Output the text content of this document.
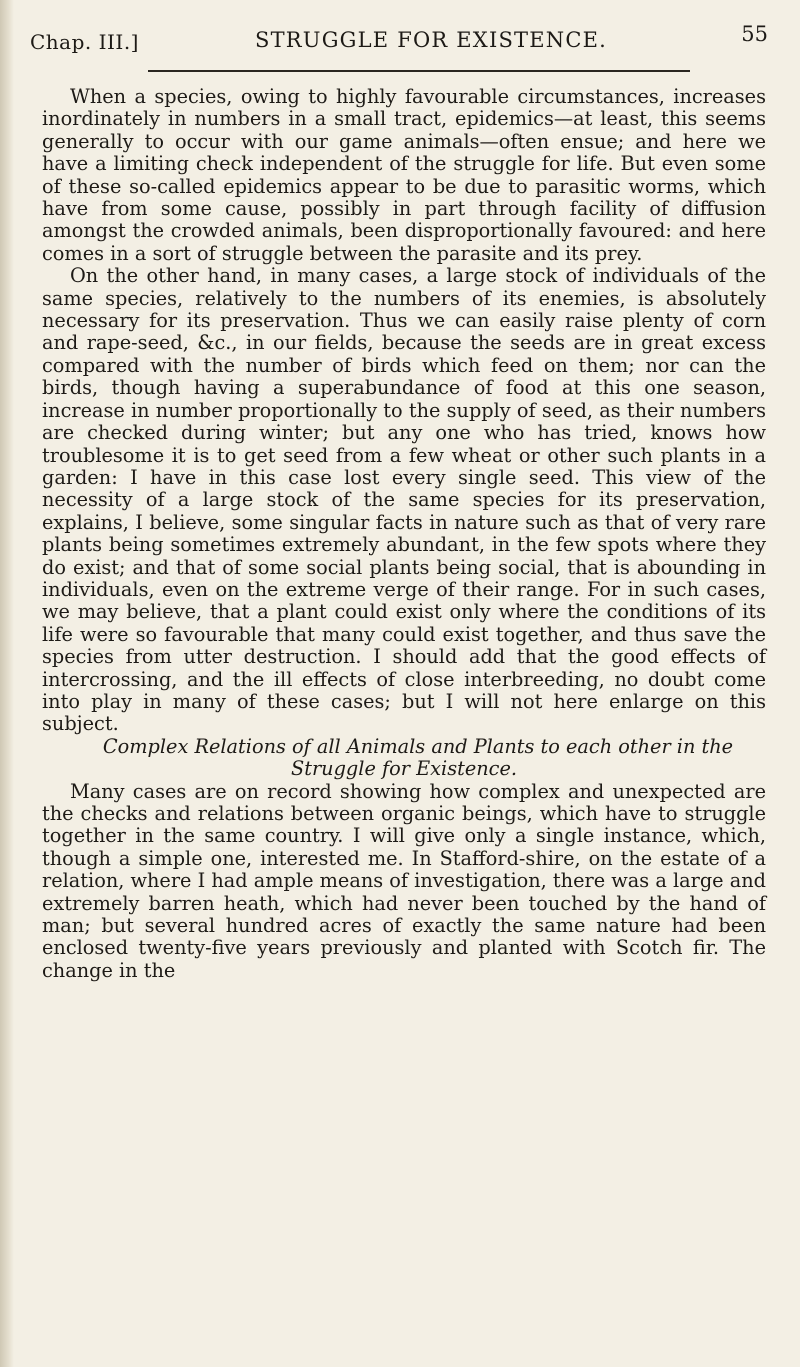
Chap. III.]	STRUGGLE FOR EXISTENCE.	55

When a species, owing to highly favourable circumstances, increases inordinately in numbers in a small tract, epidemics—at least, this seems generally to occur with our game animals—often ensue; and here we have a limiting check independent of the struggle for life. But even some of these so-called epidemics appear to be due to parasitic worms, which have from some cause, possibly in part through facility of diffusion amongst the crowded animals, been disproportionally favoured: and here comes in a sort of struggle between the parasite and its prey.

On the other hand, in many cases, a large stock of individuals of the same species, relatively to the numbers of its enemies, is absolutely necessary for its preservation. Thus we can easily raise plenty of corn and rape-seed, &c., in our fields, because the seeds are in great excess compared with the number of birds which feed on them; nor can the birds, though having a superabundance of food at this one season, increase in number proportionally to the supply of seed, as their numbers are checked during winter; but any one who has tried, knows how troublesome it is to get seed from a few wheat or other such plants in a garden: I have in this case lost every single seed. This view of the necessity of a large stock of the same species for its preservation, explains, I believe, some singular facts in nature such as that of very rare plants being sometimes extremely abundant, in the few spots where they do exist; and that of some social plants being social, that is abounding in individuals, even on the extreme verge of their range. For in such cases, we may believe, that a plant could exist only where the conditions of its life were so favourable that many could exist together, and thus save the species from utter destruction. I should add that the good effects of intercrossing, and the ill effects of close interbreeding, no doubt come into play in many of these cases; but I will not here enlarge on this subject.

Complex Relations of all Animals and Plants to each other in the Struggle for Existence.

Many cases are on record showing how complex and unexpected are the checks and relations between organic beings, which have to struggle together in the same country. I will give only a single instance, which, though a simple one, interested me. In Stafford-shire, on the estate of a relation, where I had ample means of investigation, there was a large and extremely barren heath, which had never been touched by the hand of man; but several hundred acres of exactly the same nature had been enclosed twenty-five years previously and planted with Scotch fir. The change in the
